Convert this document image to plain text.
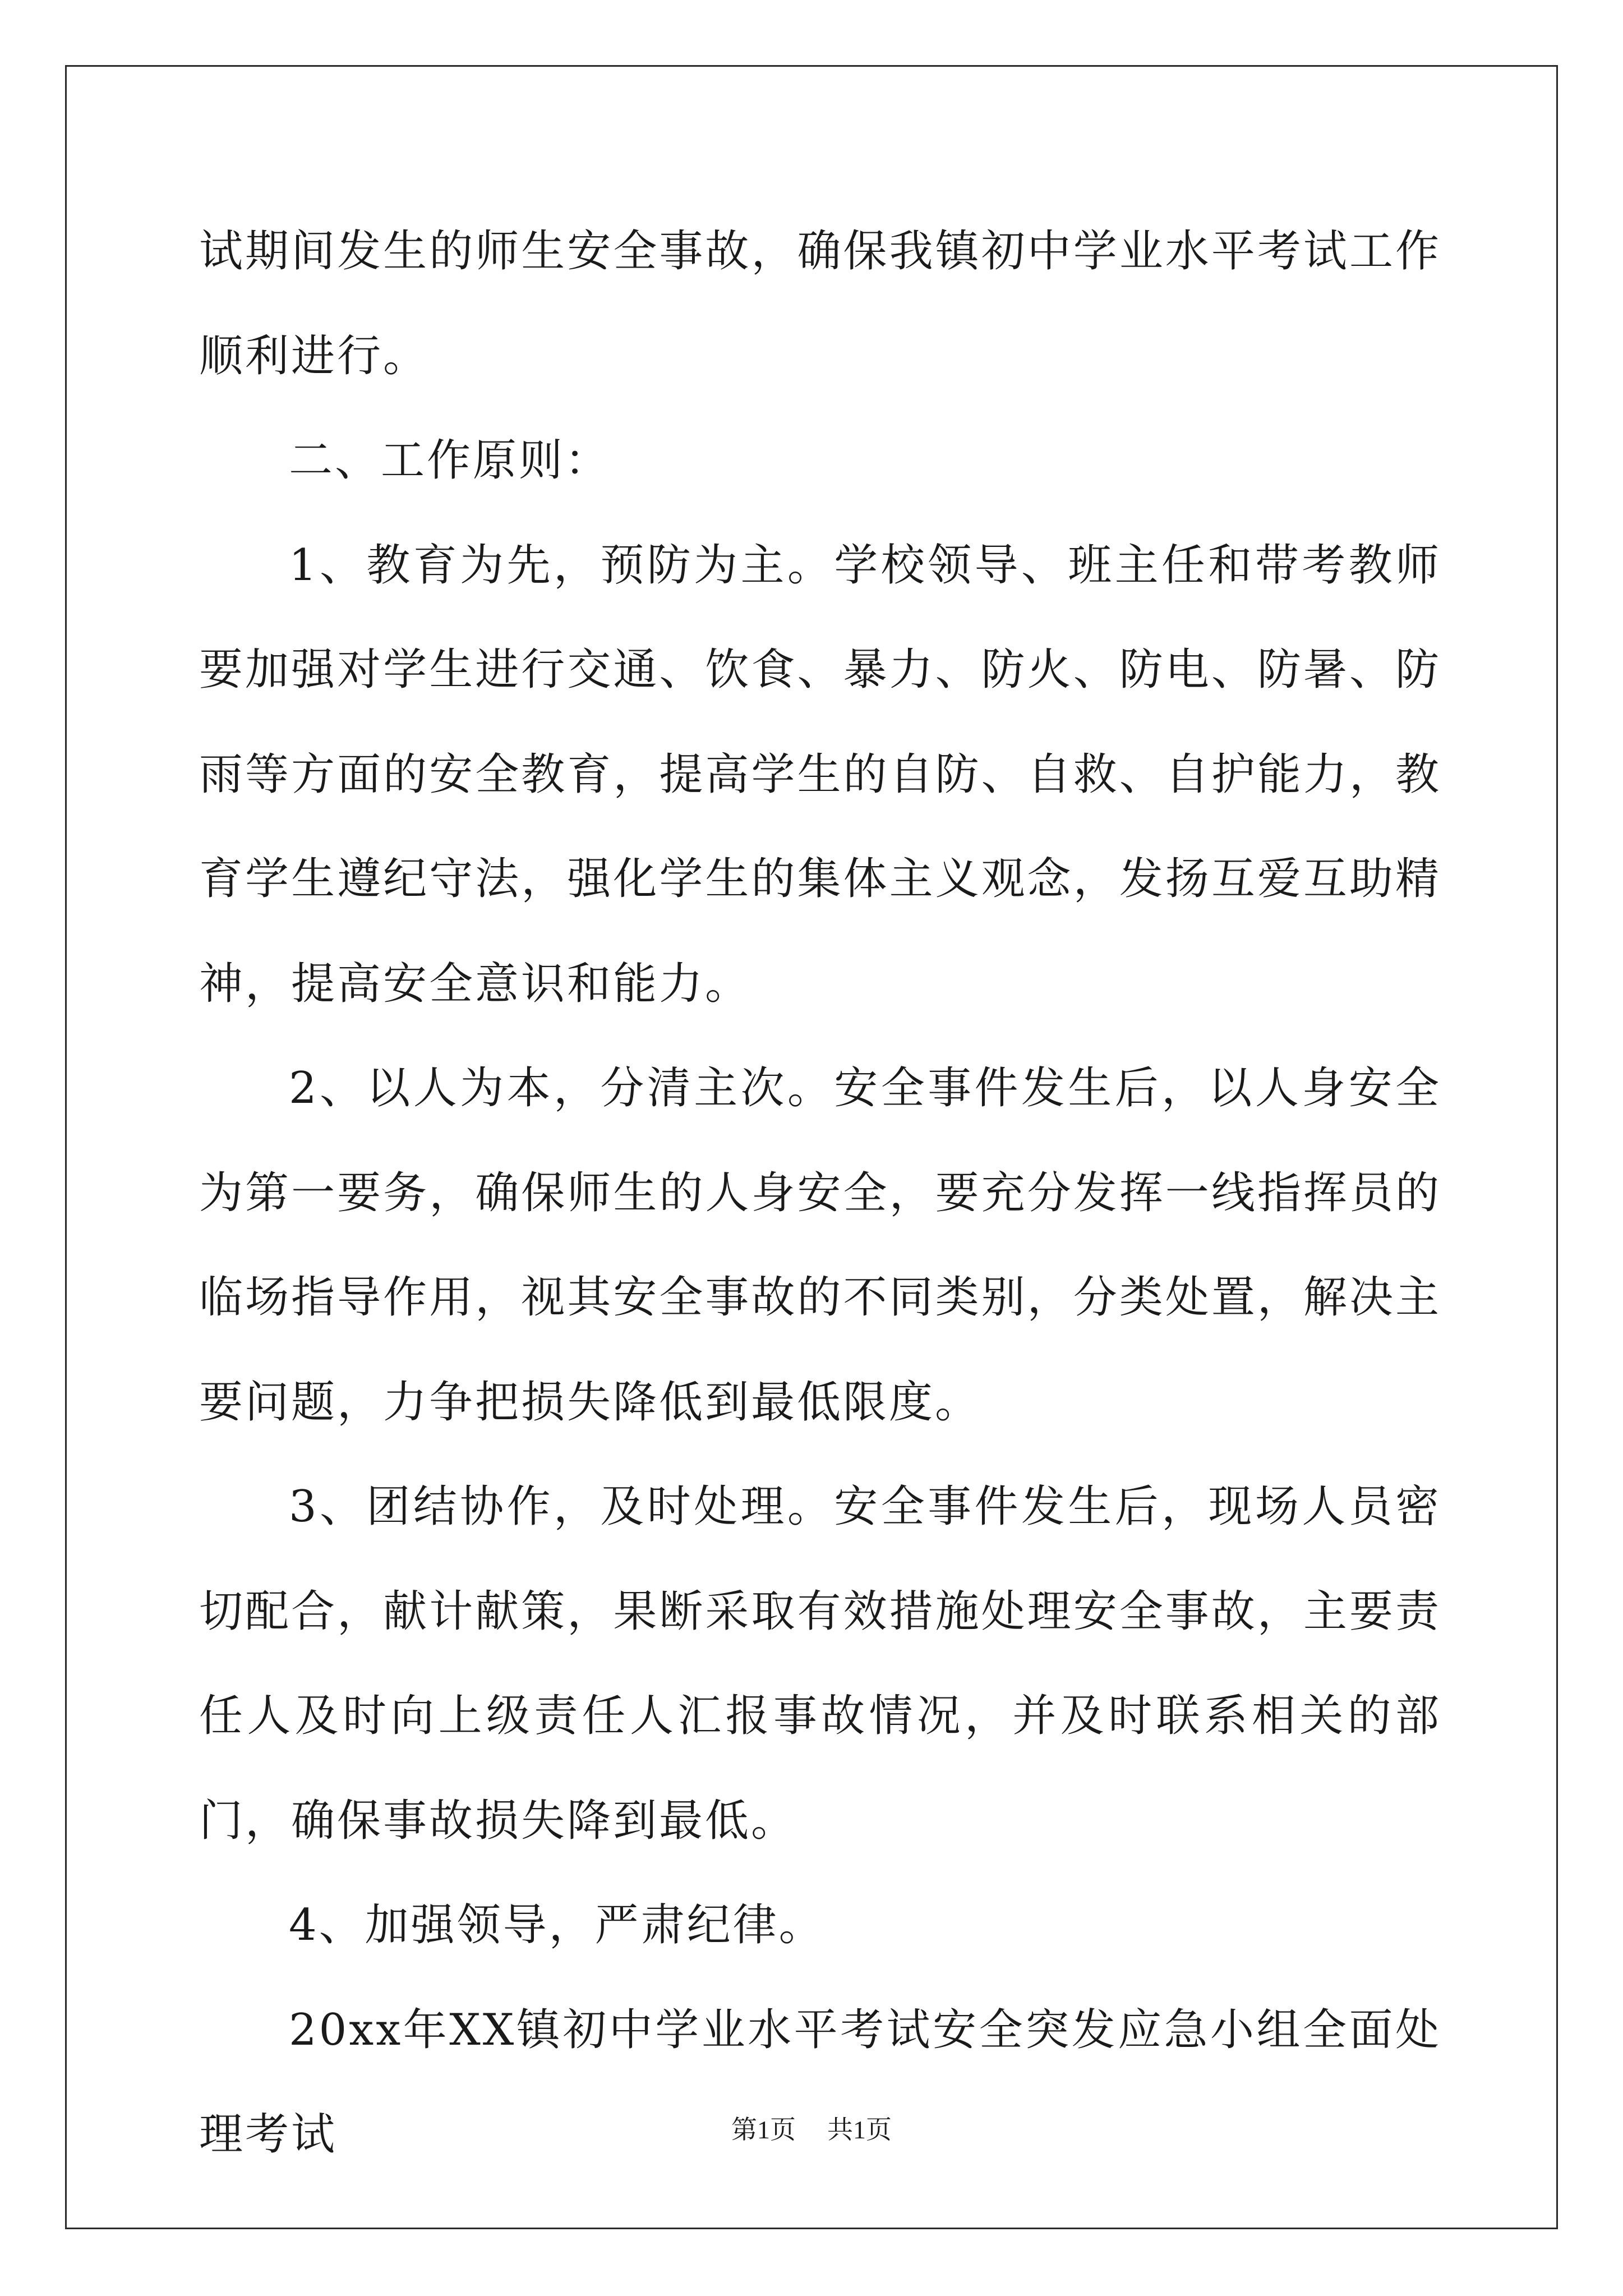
试期间发生的师生安全事故，确保我镇初中学业水平考试工作顺利进行。

二、工作原则：

1、教育为先，预防为主。学校领导、班主任和带考教师要加强对学生进行交通、饮食、暴力、防火、防电、防暑、防雨等方面的安全教育，提高学生的自防、自救、自护能力，教育学生遵纪守法，强化学生的集体主义观念，发扬互爱互助精神，提高安全意识和能力。

2、以人为本，分清主次。安全事件发生后，以人身安全为第一要务，确保师生的人身安全，要充分发挥一线指挥员的临场指导作用，视其安全事故的不同类别，分类处置，解决主要问题，力争把损失降低到最低限度。

3、团结协作，及时处理。安全事件发生后，现场人员密切配合，献计献策，果断采取有效措施处理安全事故，主要责任人及时向上级责任人汇报事故情况，并及时联系相关的部门，确保事故损失降到最低。

4、加强领导，严肃纪律。

20xx年XX镇初中学业水平考试安全突发应急小组全面处理考试	第1页 共1页
